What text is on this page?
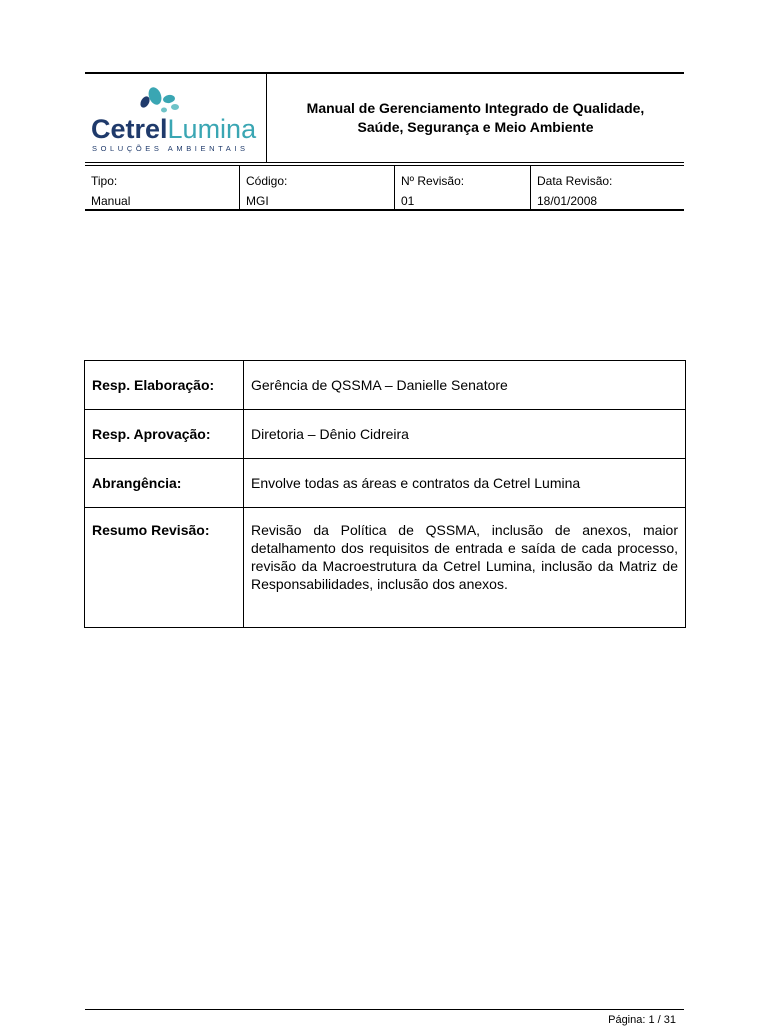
CetrelLumina
SOLUÇÕES AMBIENTAIS
Manual de Gerenciamento Integrado de Qualidade,
Saúde, Segurança e Meio Ambiente
Tipo:
Manual
Código:
MGI
Nº Revisão:
01
Data Revisão:
18/01/2008
Resp. Elaboração:	Gerência de QSSMA – Danielle Senatore
Resp. Aprovação:	Diretoria – Dênio Cidreira
Abrangência:	Envolve todas as áreas e contratos da Cetrel Lumina
Resumo Revisão:	Revisão da Política de QSSMA, inclusão de anexos, maior detalhamento dos requisitos de entrada e saída de cada processo, revisão da Macroestrutura da Cetrel Lumina, inclusão da Matriz de Responsabilidades, inclusão dos anexos.
Página: 1 / 31
